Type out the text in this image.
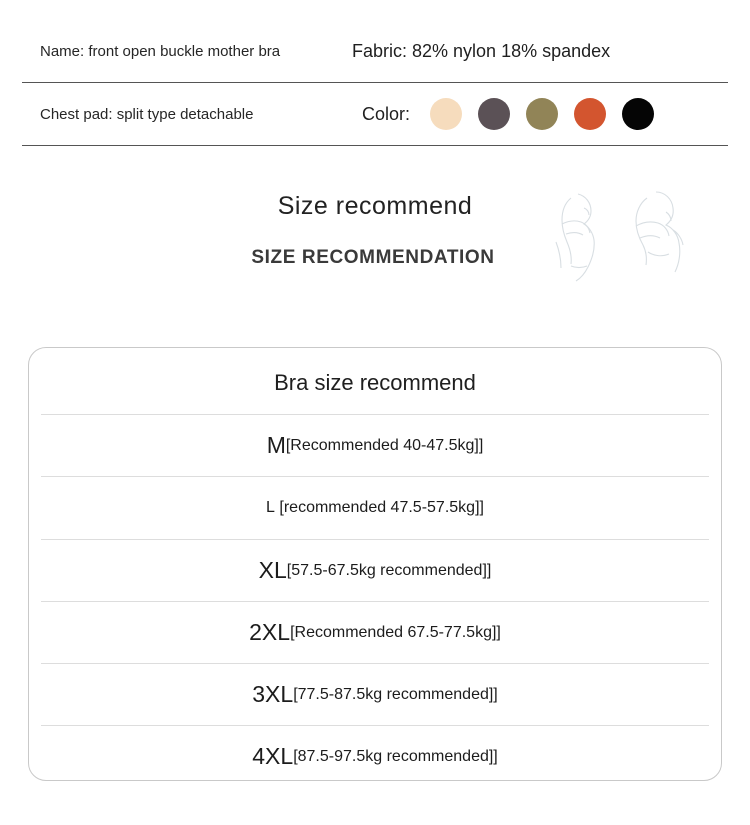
Name: front open buckle mother bra	Fabric: 82% nylon 18% spandex
Chest pad: split type detachable	Color:
Size recommend
SIZE RECOMMENDATION
Bra size recommend
M [Recommended 40-47.5kg]]
L [recommended 47.5-57.5kg]]
XL [57.5-67.5kg recommended]]
2XL [Recommended 67.5-77.5kg]]
3XL [77.5-87.5kg recommended]]
4XL [87.5-97.5kg recommended]]
